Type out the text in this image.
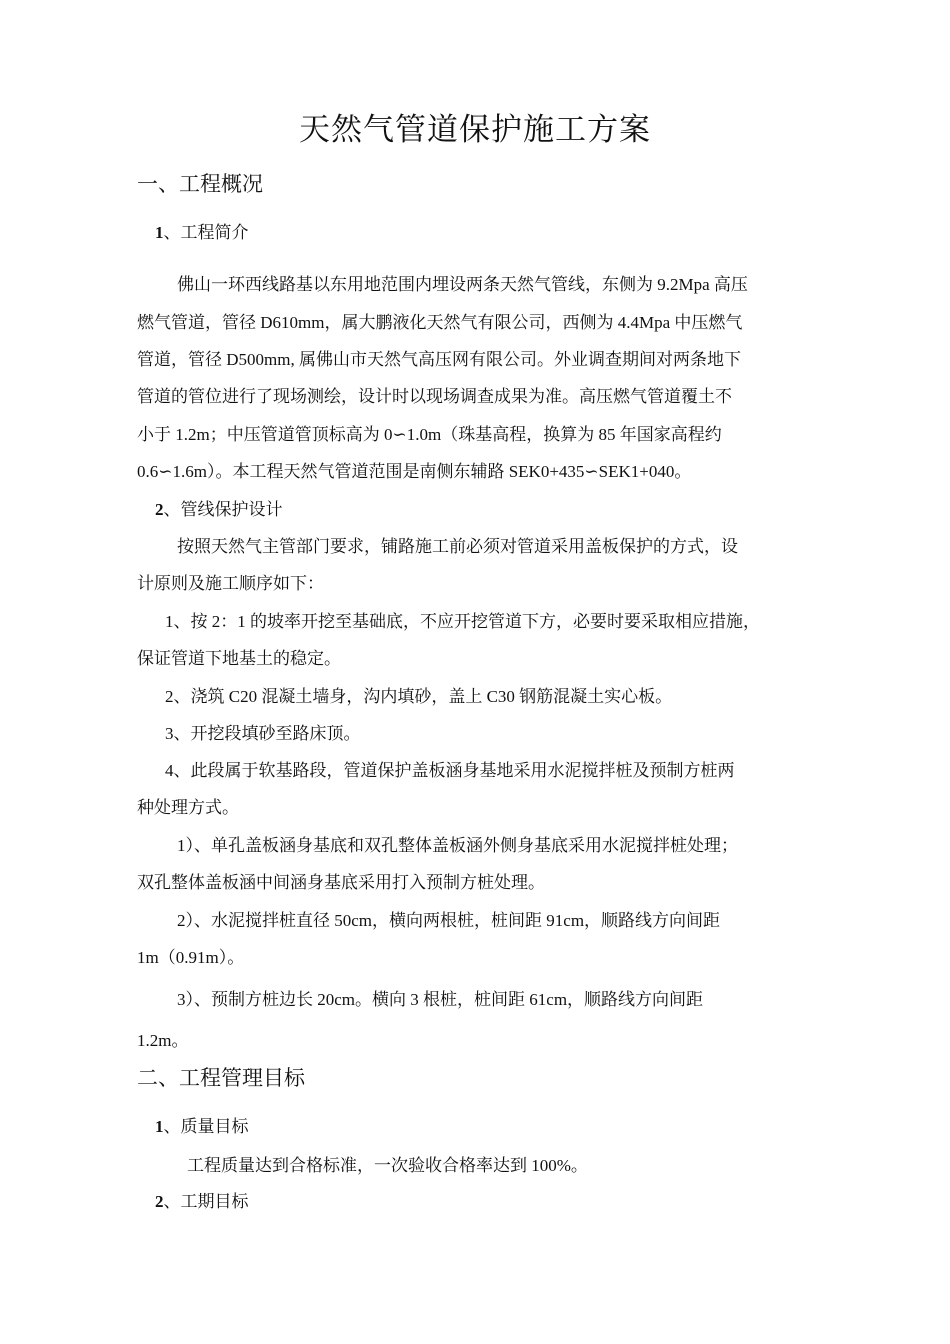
天然气管道保护施工方案
一、工程概况
1、工程简介
佛山一环西线路基以东用地范围内埋设两条天然气管线，东侧为 9.2Mpa 高压
燃气管道，管径 D610mm，属大鹏液化天然气有限公司，西侧为 4.4Mpa 中压燃气
管道，管径 D500mm, 属佛山市天然气高压网有限公司。外业调查期间对两条地下
管道的管位进行了现场测绘，设计时以现场调查成果为准。高压燃气管道覆土不
小于 1.2m；中压管道管顶标高为 0∽1.0m（珠基高程，换算为 85 年国家高程约
0.6∽1.6m）。本工程天然气管道范围是南侧东辅路 SEK0+435∽SEK1+040。
2、管线保护设计
按照天然气主管部门要求，铺路施工前必须对管道采用盖板保护的方式，设
计原则及施工顺序如下：
1、按 2：1 的坡率开挖至基础底，不应开挖管道下方，必要时要采取相应措施，
保证管道下地基土的稳定。
2、浇筑 C20 混凝土墙身，沟内填砂，盖上 C30 钢筋混凝土实心板。
3、开挖段填砂至路床顶。
4、此段属于软基路段，管道保护盖板涵身基地采用水泥搅拌桩及预制方桩两
种处理方式。
1）、单孔盖板涵身基底和双孔整体盖板涵外侧身基底采用水泥搅拌桩处理；
双孔整体盖板涵中间涵身基底采用打入预制方桩处理。
2）、水泥搅拌桩直径 50cm，横向两根桩，桩间距 91cm，顺路线方向间距
1m（0.91m）。
3）、预制方桩边长 20cm。横向 3 根桩，桩间距 61cm，顺路线方向间距
1.2m。
二、工程管理目标
1、质量目标
工程质量达到合格标准，一次验收合格率达到 100%。
2、工期目标
